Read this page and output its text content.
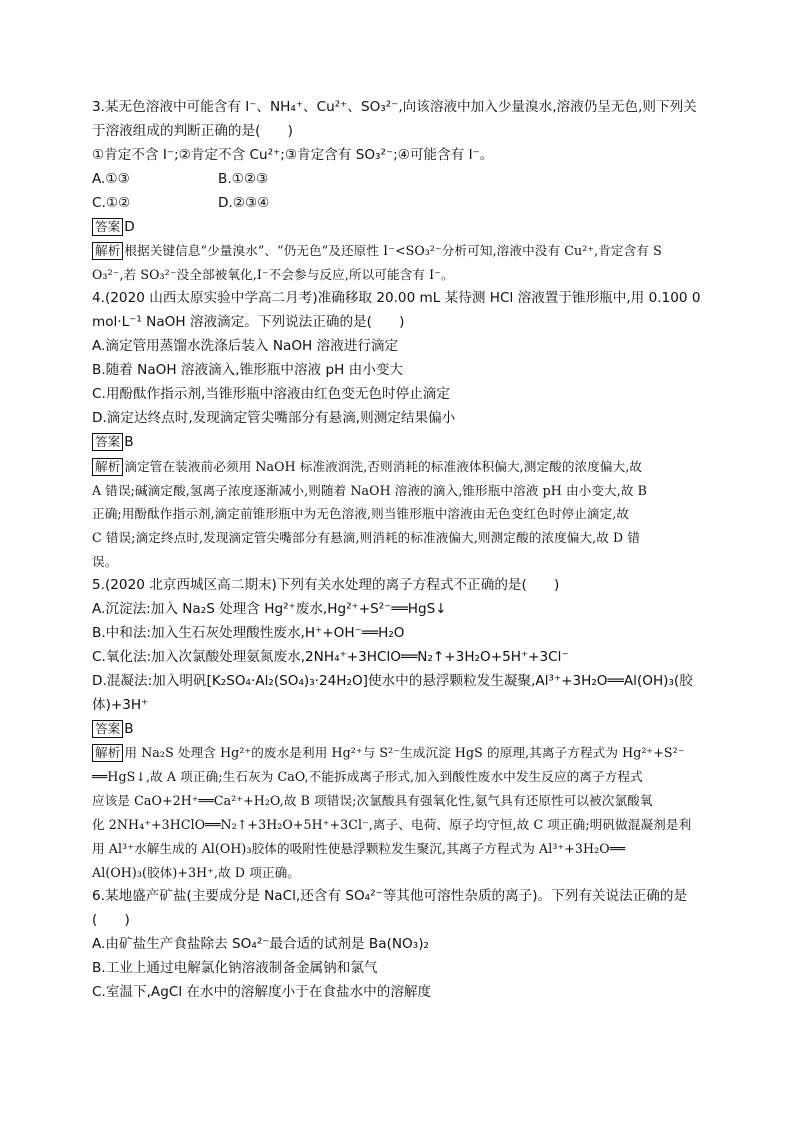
3.某无色溶液中可能含有 I⁻、NH₄⁺、Cu²⁺、SO₃²⁻,向该溶液中加入少量溴水,溶液仍呈无色,则下列关
于溶液组成的判断正确的是(　　)
①肯定不含 I⁻;②肯定不含 Cu²⁺;③肯定含有 SO₃²⁻;④可能含有 I⁻。
A.①③	B.①②③
C.①②	D.②③④
答案 D
解析 根据关键信息“少量溴水”、“仍无色”及还原性 I⁻<SO₃²⁻分析可知,溶液中没有 Cu²⁺,肯定含有 S
O₃²⁻,若 SO₃²⁻没全部被氧化,I⁻不会参与反应,所以可能含有 I⁻。
4.(2020 山西太原实验中学高二月考)准确移取 20.00 mL 某待测 HCl 溶液置于锥形瓶中,用 0.100 0
mol·L⁻¹ NaOH 溶液滴定。下列说法正确的是(　　)
A.滴定管用蒸馏水洗涤后装入 NaOH 溶液进行滴定
B.随着 NaOH 溶液滴入,锥形瓶中溶液 pH 由小变大
C.用酚酞作指示剂,当锥形瓶中溶液由红色变无色时停止滴定
D.滴定达终点时,发现滴定管尖嘴部分有悬滴,则测定结果偏小
答案 B
解析 滴定管在装液前必须用 NaOH 标准液润洗,否则消耗的标准液体积偏大,测定酸的浓度偏大,故
A 错误;碱滴定酸,氢离子浓度逐渐减小,则随着 NaOH 溶液的滴入,锥形瓶中溶液 pH 由小变大,故 B
正确;用酚酞作指示剂,滴定前锥形瓶中为无色溶液,则当锥形瓶中溶液由无色变红色时停止滴定,故
C 错误;滴定终点时,发现滴定管尖嘴部分有悬滴,则消耗的标准液偏大,则测定酸的浓度偏大,故 D 错
误。
5.(2020 北京西城区高二期末)下列有关水处理的离子方程式不正确的是(　　)
A.沉淀法:加入 Na₂S 处理含 Hg²⁺废水,Hg²⁺+S²⁻══HgS↓
B.中和法:加入生石灰处理酸性废水,H⁺+OH⁻══H₂O
C.氧化法:加入次氯酸处理氨氮废水,2NH₄⁺+3HClO══N₂↑+3H₂O+5H⁺+3Cl⁻
D.混凝法:加入明矾[K₂SO₄·Al₂(SO₄)₃·24H₂O]使水中的悬浮颗粒发生凝聚,Al³⁺+3H₂O══Al(OH)₃(胶
体)+3H⁺
答案 B
解析 用 Na₂S 处理含 Hg²⁺的废水是利用 Hg²⁺与 S²⁻生成沉淀 HgS 的原理,其离子方程式为 Hg²⁺+S²⁻
══HgS↓,故 A 项正确;生石灰为 CaO,不能拆成离子形式,加入到酸性废水中发生反应的离子方程式
应该是 CaO+2H⁺══Ca²⁺+H₂O,故 B 项错误;次氯酸具有强氧化性,氨气具有还原性可以被次氯酸氧
化 2NH₄⁺+3HClO══N₂↑+3H₂O+5H⁺+3Cl⁻,离子、电荷、原子均守恒,故 C 项正确;明矾做混凝剂是利
用 Al³⁺水解生成的 Al(OH)₃胶体的吸附性使悬浮颗粒发生聚沉,其离子方程式为 Al³⁺+3H₂O══
Al(OH)₃(胶体)+3H⁺,故 D 项正确。
6.某地盛产矿盐(主要成分是 NaCl,还含有 SO₄²⁻等其他可溶性杂质的离子)。下列有关说法正确的是
(　　)
A.由矿盐生产食盐除去 SO₄²⁻最合适的试剂是 Ba(NO₃)₂
B.工业上通过电解氯化钠溶液制备金属钠和氯气
C.室温下,AgCl 在水中的溶解度小于在食盐水中的溶解度
